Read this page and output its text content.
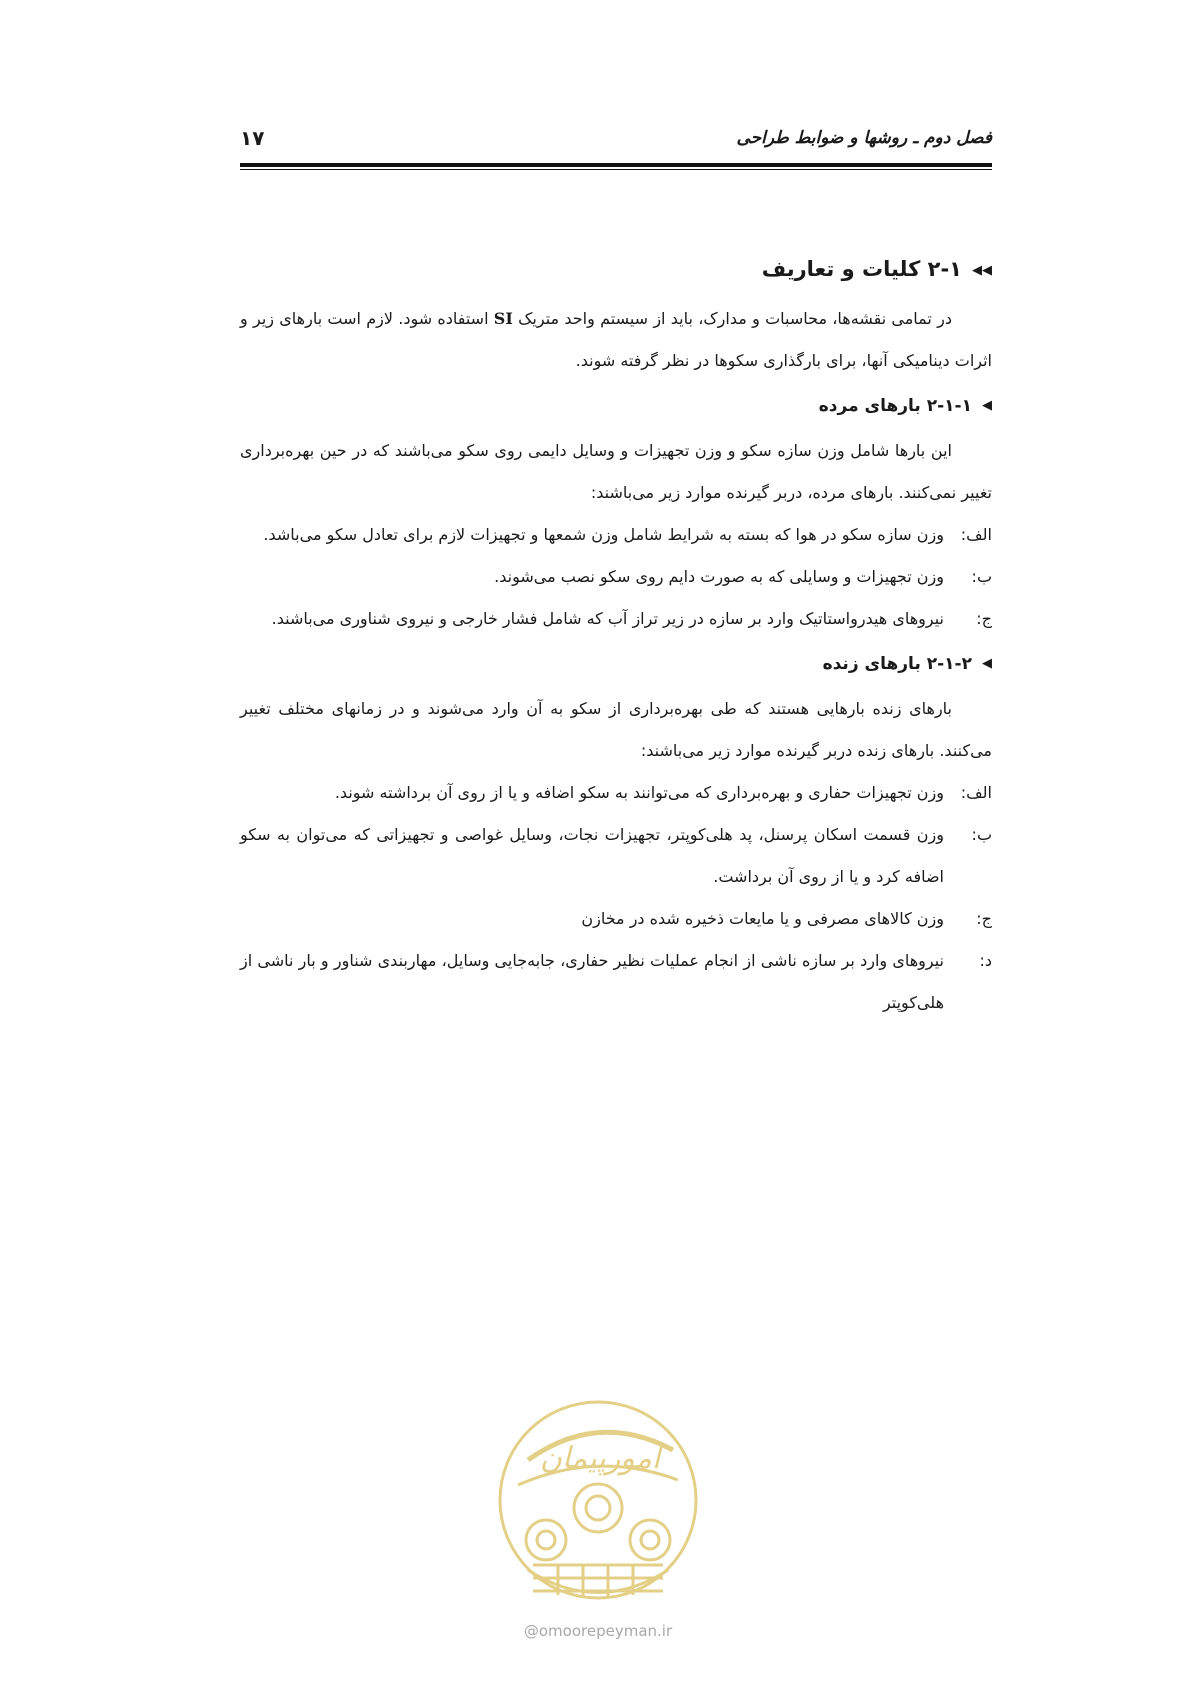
فصل دوم ـ روشها و ضوابط طراحی
۱۷
◀◀۲-۱ کلیات و تعاریف

در تمامی نقشه‌ها، محاسبات و مدارک، باید از سیستم واحد متریک SI استفاده شود. لازم است بارهای زیر و اثرات دینامیکی آنها، برای بارگذاری سکوها در نظر گرفته شوند.

◀۲-۱-۱ بارهای مرده

این بارها شامل وزن سازه سکو و وزن تجهیزات و وسایل دایمی روی سکو می‌باشند که در حین بهره‌برداری تغییر نمی‌کنند. بارهای مرده، دربر گیرنده موارد زیر می‌باشند:

الف:
وزن سازه سکو در هوا که بسته به شرایط شامل وزن شمعها و تجهیزات لازم برای تعادل سکو می‌باشد.
ب:
وزن تجهیزات و وسایلی که به صورت دایم روی سکو نصب می‌شوند.
ج:
نیروهای هیدرواستاتیک وارد بر سازه در زیر تراز آب که شامل فشار خارجی و نیروی شناوری می‌باشند.
◀۲-۱-۲ بارهای زنده

بارهای زنده بارهایی هستند که طی بهره‌برداری از سکو به آن وارد می‌شوند و در زمانهای مختلف تغییر می‌کنند. بارهای زنده دربر گیرنده موارد زیر می‌باشند:

الف:
وزن تجهیزات حفاری و بهره‌برداری که می‌توانند به سکو اضافه و یا از روی آن برداشته شوند.
ب:
وزن قسمت اسکان پرسنل، پد هلی‌کوپتر، تجهیزات نجات، وسایل غواصی و تجهیزاتی که می‌توان به سکو اضافه کرد و یا از روی آن برداشت.
ج:
وزن کالاهای مصرفی و یا مایعات ذخیره شده در مخازن
د:
نیروهای وارد بر سازه ناشی از انجام عملیات نظیر حفاری، جابه‌جایی وسایل، مهاربندی شناور و بار ناشی از هلی‌کوپتر
امورپیمان
@omoorepeyman.ir
